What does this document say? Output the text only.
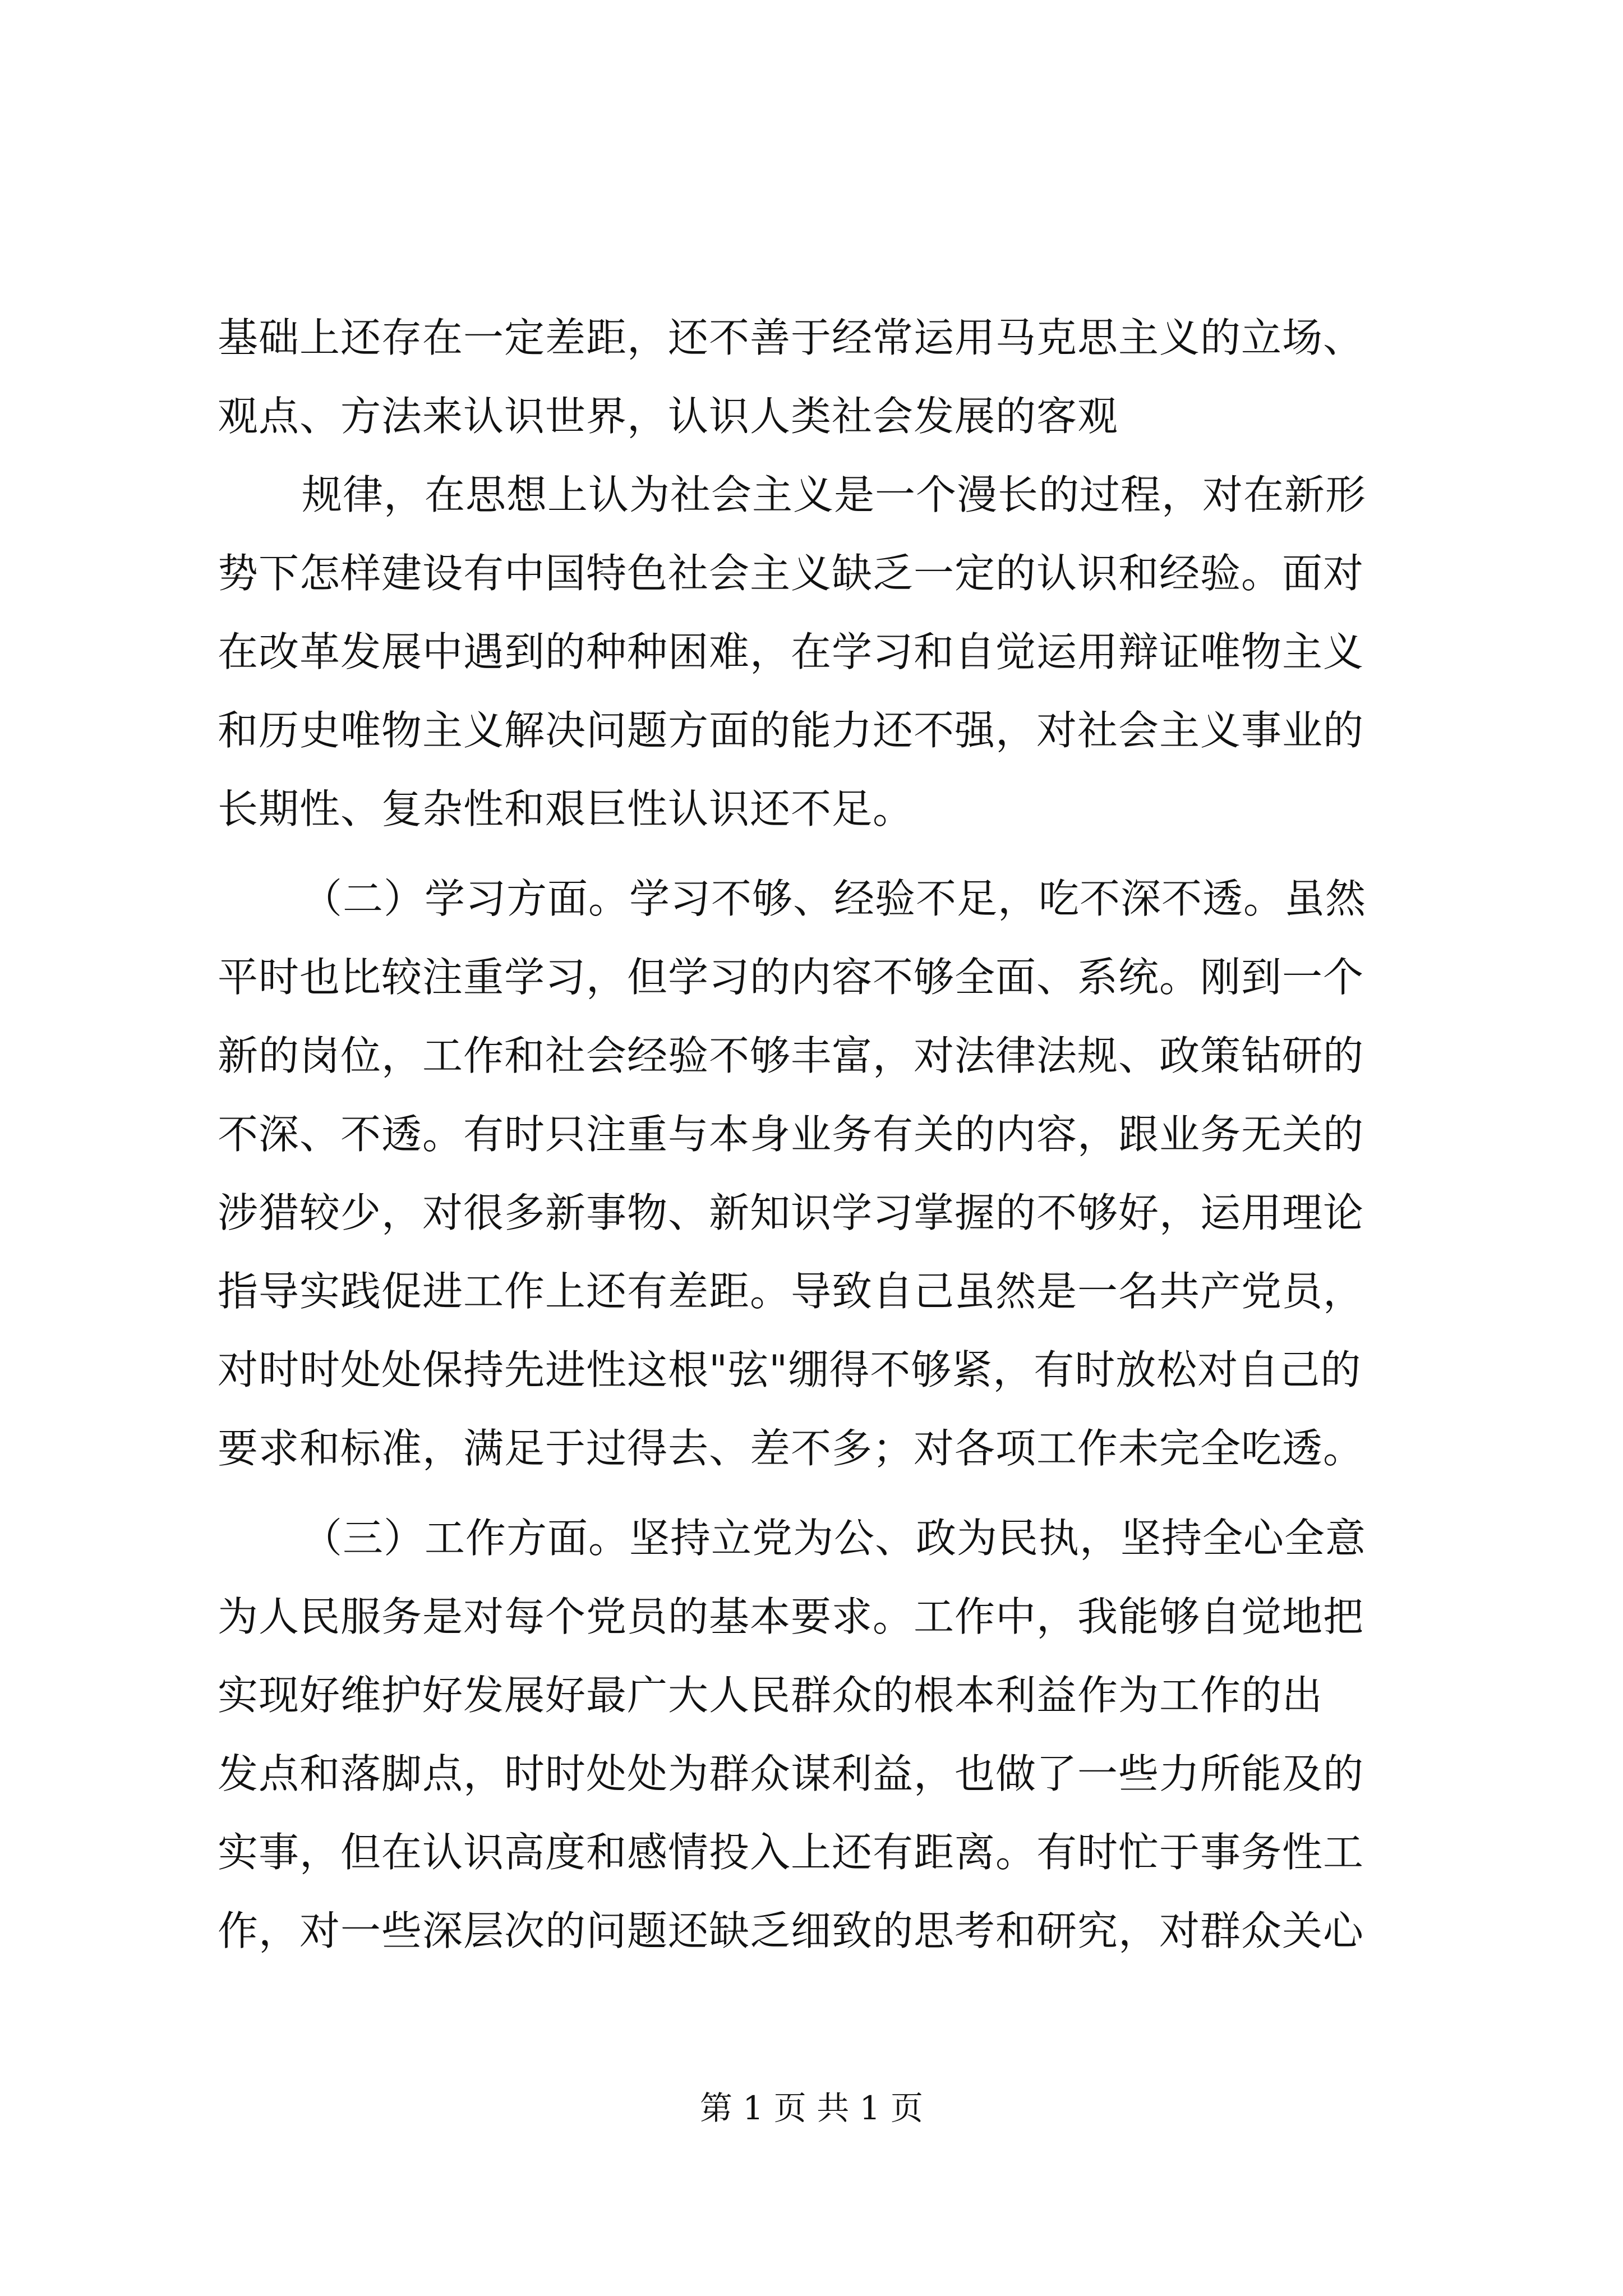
基础上还存在一定差距，还不善于经常运用马克思主义的立场、
观点、方法来认识世界，认识人类社会发展的客观
规律，在思想上认为社会主义是一个漫长的过程，对在新形
势下怎样建设有中国特色社会主义缺乏一定的认识和经验。面对
在改革发展中遇到的种种困难，在学习和自觉运用辩证唯物主义
和历史唯物主义解决问题方面的能力还不强，对社会主义事业的
长期性、复杂性和艰巨性认识还不足。
（二）学习方面。学习不够、经验不足，吃不深不透。虽然
平时也比较注重学习，但学习的内容不够全面、系统。刚到一个
新的岗位，工作和社会经验不够丰富，对法律法规、政策钻研的
不深、不透。有时只注重与本身业务有关的内容，跟业务无关的
涉猎较少，对很多新事物、新知识学习掌握的不够好，运用理论
指导实践促进工作上还有差距。导致自己虽然是一名共产党员，
对时时处处保持先进性这根"弦"绷得不够紧，有时放松对自己的
要求和标准，满足于过得去、差不多；对各项工作未完全吃透。
（三）工作方面。坚持立党为公、政为民执，坚持全心全意
为人民服务是对每个党员的基本要求。工作中，我能够自觉地把
实现好维护好发展好最广大人民群众的根本利益作为工作的出
发点和落脚点，时时处处为群众谋利益，也做了一些力所能及的
实事，但在认识高度和感情投入上还有距离。有时忙于事务性工
作，对一些深层次的问题还缺乏细致的思考和研究，对群众关心
第 1 页 共 1 页
